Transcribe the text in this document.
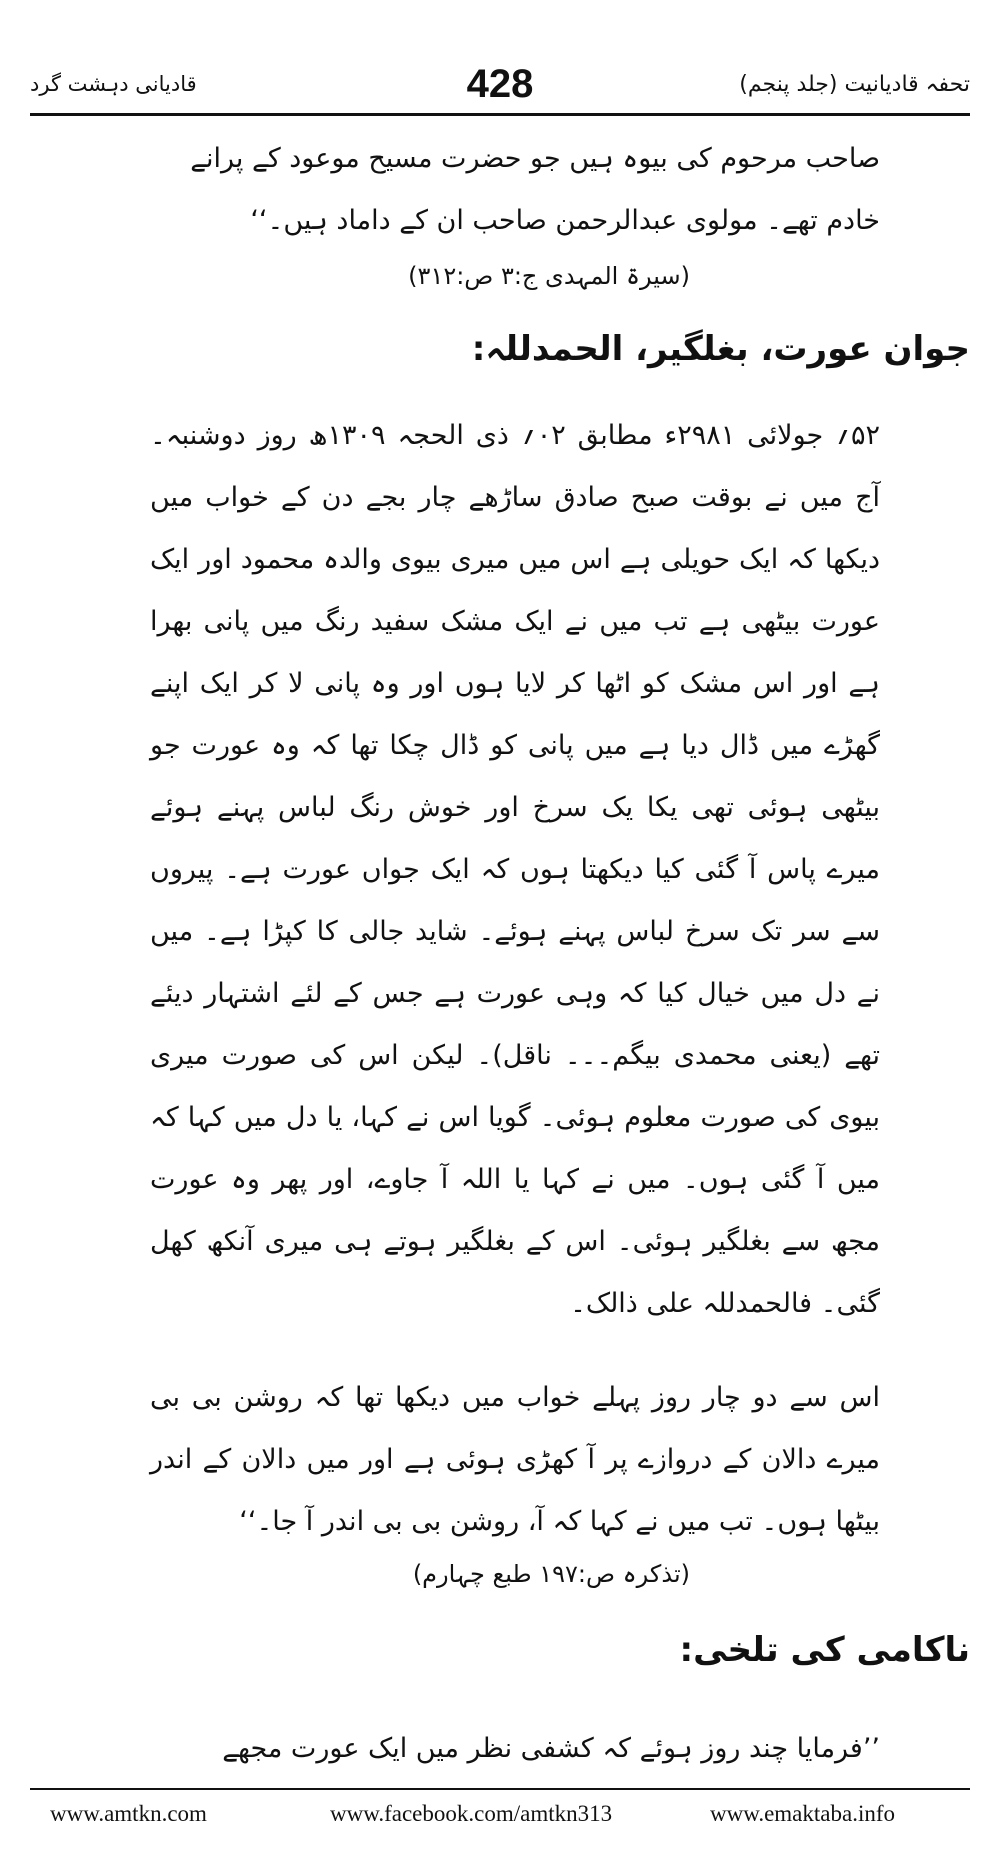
تحفہ قادیانیت (جلد پنجم)
428
قادیانی دہشت گرد
صاحب مرحوم کی بیوہ ہیں جو حضرت مسیح موعود کے پرانے خادم تھے۔ مولوی عبدالرحمن صاحب ان کے داماد ہیں۔‘‘
(سیرۃ المہدی ج:۳ ص:۳۱۲)
جوان عورت، بغلگیر، الحمدللہ:
۵۲؍ جولائی ۲۹۸۱ء مطابق ۰۲؍ ذی الحجہ ۱۳۰۹ھ روز دوشنبہ۔ آج میں نے بوقت صبح صادق ساڑھے چار بجے دن کے خواب میں دیکھا کہ ایک حویلی ہے اس میں میری بیوی والدہ محمود اور ایک عورت بیٹھی ہے تب میں نے ایک مشک سفید رنگ میں پانی بھرا ہے اور اس مشک کو اٹھا کر لایا ہوں اور وہ پانی لا کر ایک اپنے گھڑے میں ڈال دیا ہے میں پانی کو ڈال چکا تھا کہ وہ عورت جو بیٹھی ہوئی تھی یکا یک سرخ اور خوش رنگ لباس پہنے ہوئے میرے پاس آ گئی کیا دیکھتا ہوں کہ ایک جواں عورت ہے۔ پیروں سے سر تک سرخ لباس پہنے ہوئے۔ شاید جالی کا کپڑا ہے۔ میں نے دل میں خیال کیا کہ وہی عورت ہے جس کے لئے اشتہار دیئے تھے (یعنی محمدی بیگم۔۔۔ ناقل)۔ لیکن اس کی صورت میری بیوی کی صورت معلوم ہوئی۔ گویا اس نے کہا، یا دل میں کہا کہ میں آ گئی ہوں۔ میں نے کہا یا اللہ آ جاوے، اور پھر وہ عورت مجھ سے بغلگیر ہوئی۔ اس کے بغلگیر ہوتے ہی میری آنکھ کھل گئی۔ فالحمدللہ علی ذالک۔
اس سے دو چار روز پہلے خواب میں دیکھا تھا کہ روشن بی بی میرے دالان کے دروازے پر آ کھڑی ہوئی ہے اور میں دالان کے اندر بیٹھا ہوں۔ تب میں نے کہا کہ آ، روشن بی بی اندر آ جا۔‘‘
(تذکرہ ص:۱۹۷ طبع چہارم)
ناکامی کی تلخی:
’’فرمایا چند روز ہوئے کہ کشفی نظر میں ایک عورت مجھے
www.amtkn.com	www.facebook.com/amtkn313	www.emaktaba.info
